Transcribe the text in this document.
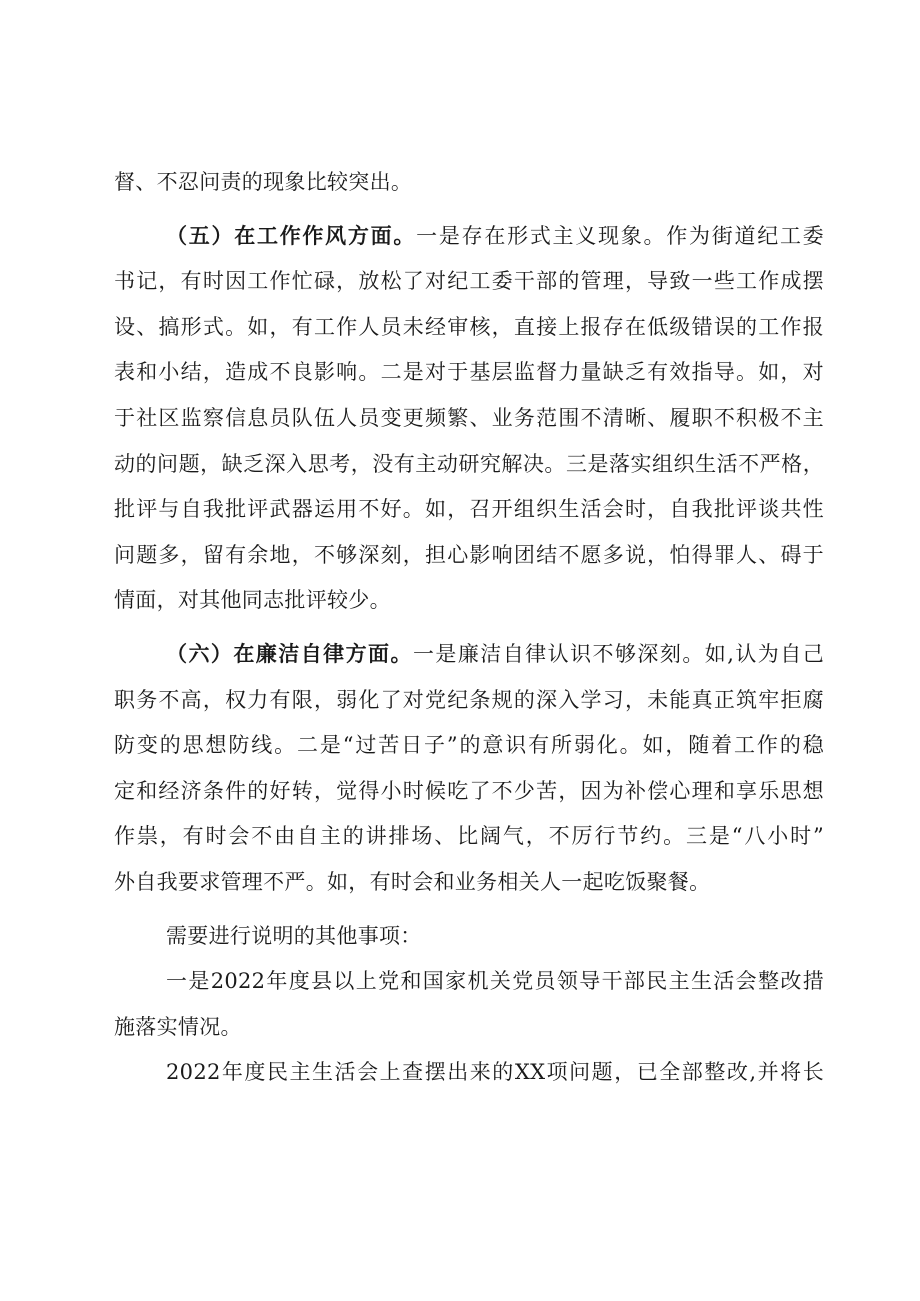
督、不忍问责的现象比较突出。
（五）在工作作风方面。一是存在形式主义现象。作为街道纪工委
书记，有时因工作忙碌，放松了对纪工委干部的管理，导致一些工作成摆
设、搞形式。如，有工作人员未经审核，直接上报存在低级错误的工作报
表和小结，造成不良影响。二是对于基层监督力量缺乏有效指导。如，对
于社区监察信息员队伍人员变更频繁、业务范围不清晰、履职不积极不主
动的问题，缺乏深入思考，没有主动研究解决。三是落实组织生活不严格，
批评与自我批评武器运用不好。如，召开组织生活会时，自我批评谈共性
问题多，留有余地，不够深刻，担心影响团结不愿多说，怕得罪人、碍于
情面，对其他同志批评较少。
（六）在廉洁自律方面。一是廉洁自律认识不够深刻。如,认为自己
职务不高，权力有限，弱化了对党纪条规的深入学习，未能真正筑牢拒腐
防变的思想防线。二是“过苦日子”的意识有所弱化。如，随着工作的稳
定和经济条件的好转，觉得小时候吃了不少苦，因为补偿心理和享乐思想
作祟，有时会不由自主的讲排场、比阔气，不厉行节约。三是“八小时”
外自我要求管理不严。如，有时会和业务相关人一起吃饭聚餐。
需要进行说明的其他事项：
一是2022年度县以上党和国家机关党员领导干部民主生活会整改措
施落实情况。
2022年度民主生活会上查摆出来的XX项问题，已全部整改,并将长
